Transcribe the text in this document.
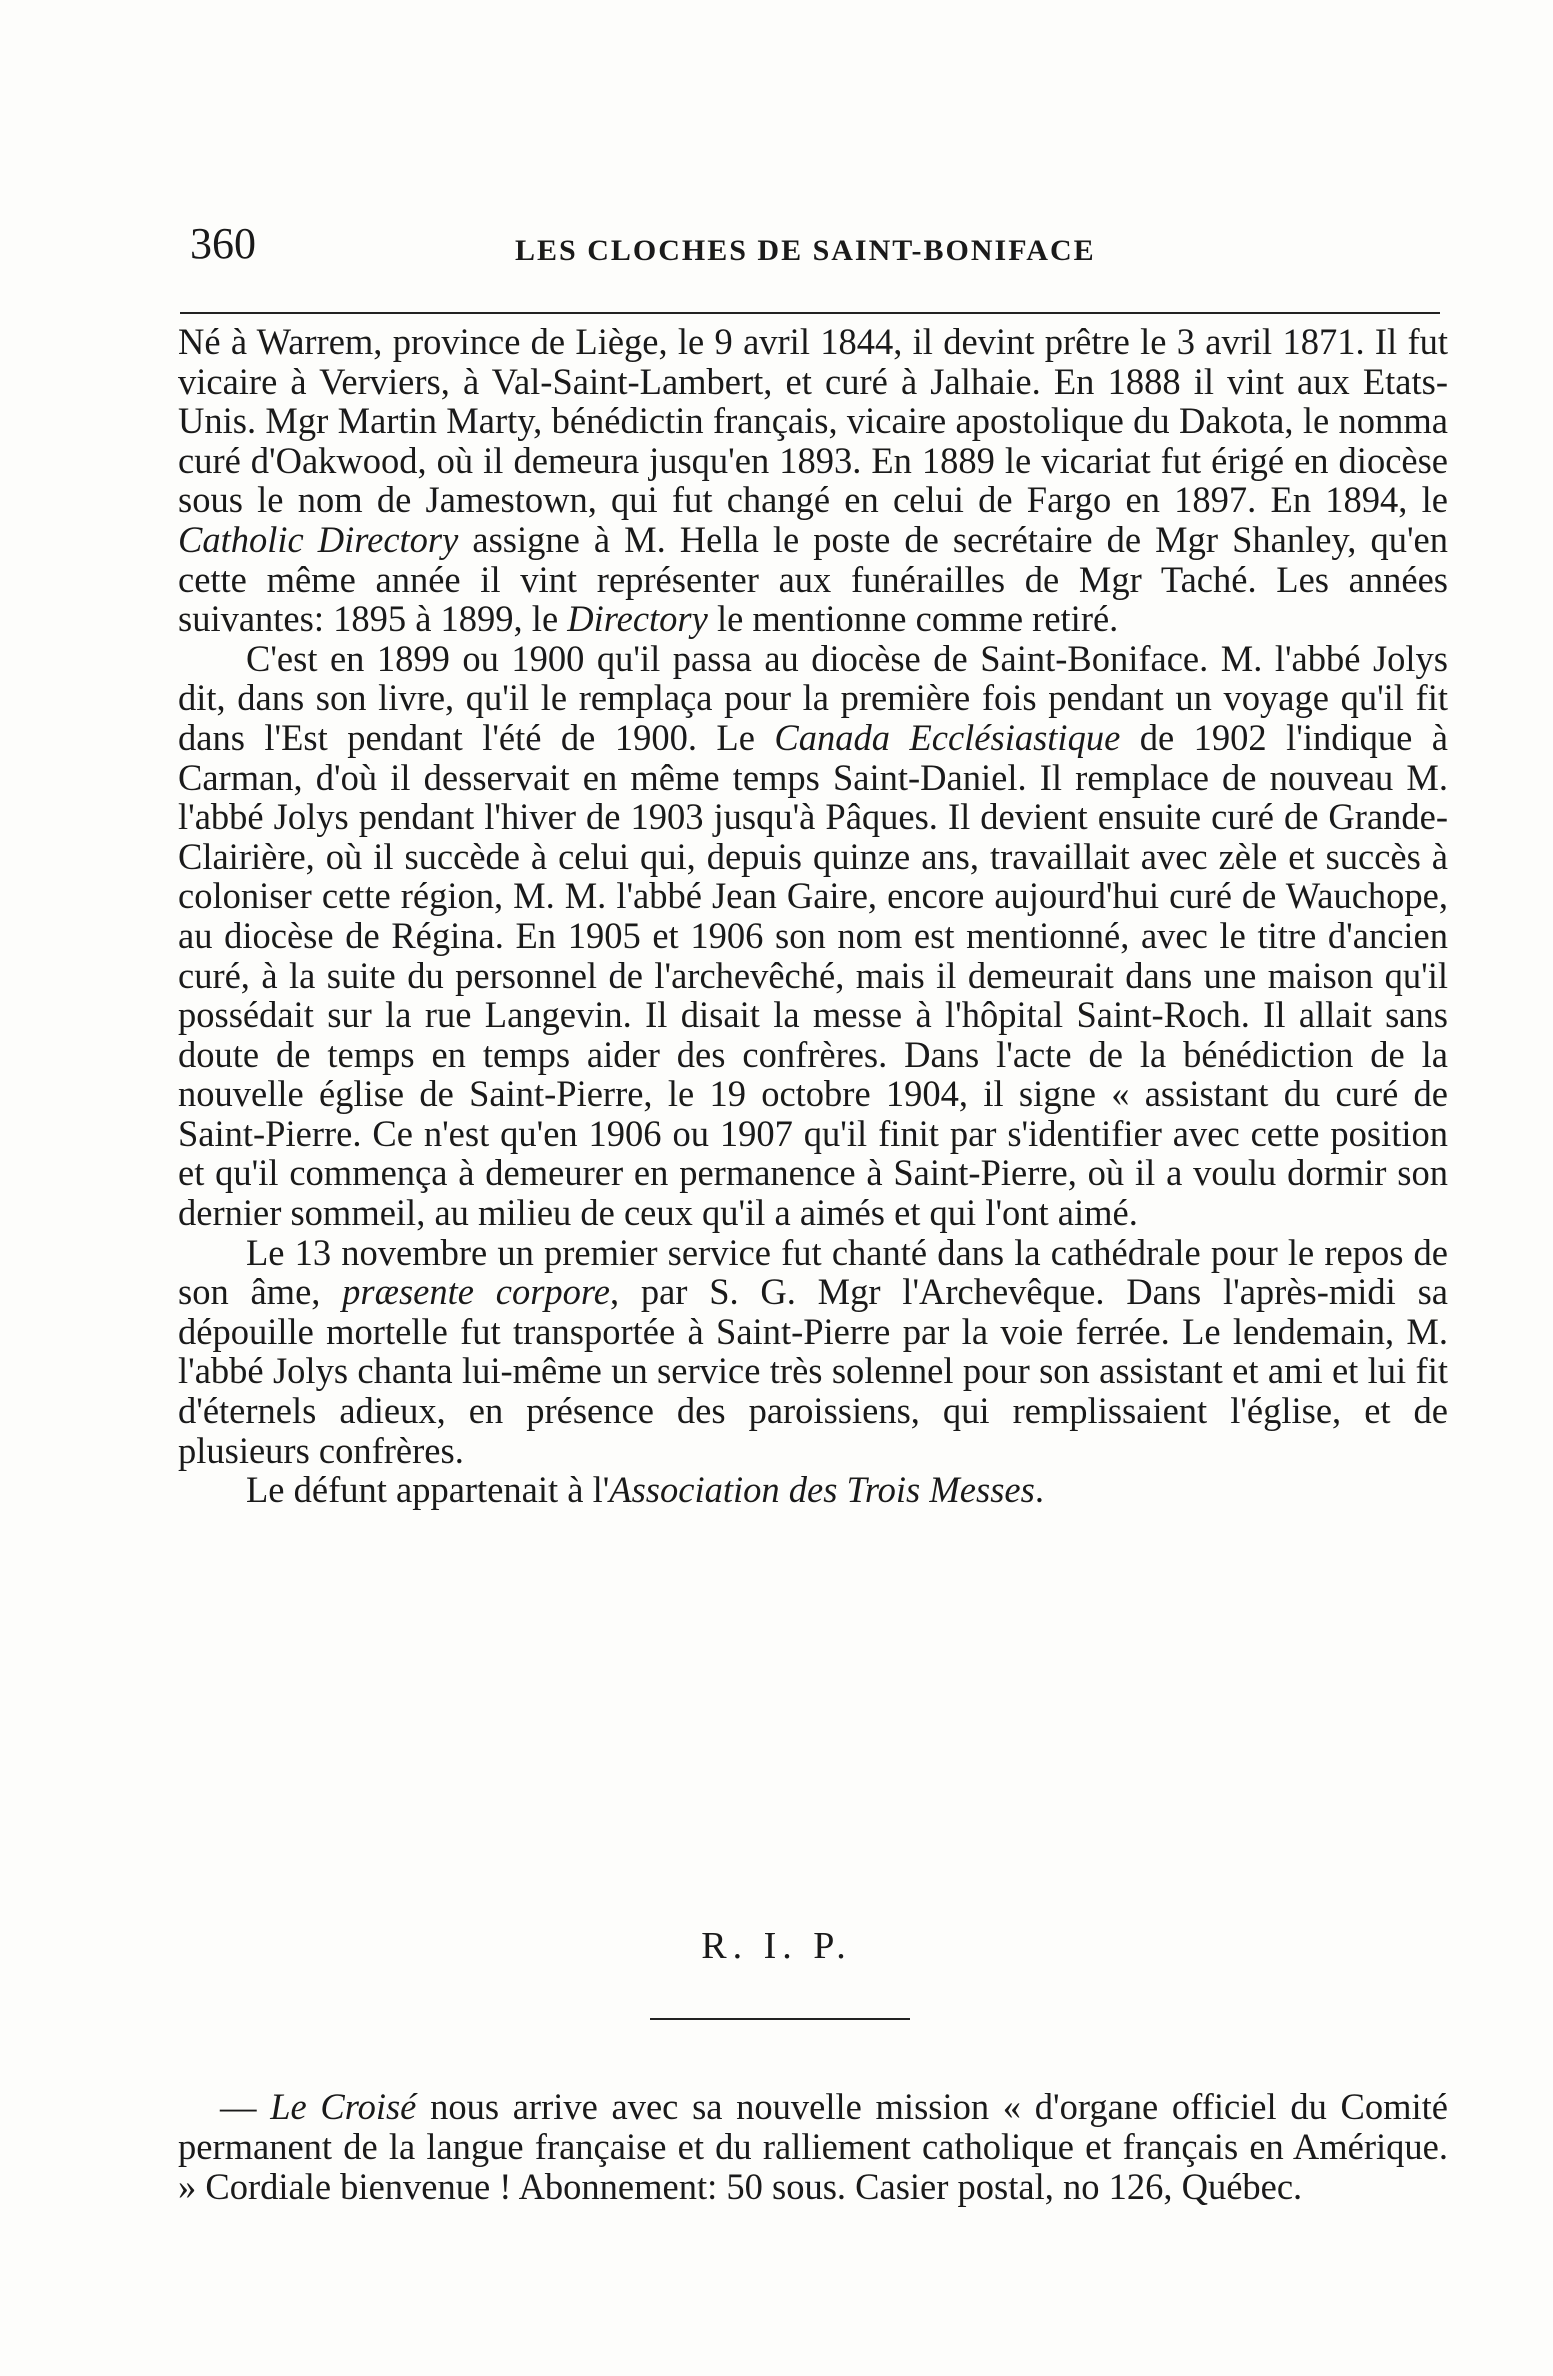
360	LES CLOCHES DE SAINT-BONIFACE

Né à Warrem, province de Liège, le 9 avril 1844, il devint prêtre le 3 avril 1871. Il fut vicaire à Verviers, à Val-Saint-Lambert, et curé à Jalhaie. En 1888 il vint aux Etats-Unis. Mgr Martin Marty, bénédictin français, vicaire apostolique du Dakota, le nomma curé d'Oakwood, où il demeura jusqu'en 1893. En 1889 le vicariat fut érigé en diocèse sous le nom de Jamestown, qui fut changé en celui de Fargo en 1897. En 1894, le Catholic Directory assigne à M. Hella le poste de secrétaire de Mgr Shanley, qu'en cette même année il vint représenter aux funérailles de Mgr Taché. Les années suivantes: 1895 à 1899, le Directory le mentionne comme retiré.

C'est en 1899 ou 1900 qu'il passa au diocèse de Saint-Boniface. M. l'abbé Jolys dit, dans son livre, qu'il le remplaça pour la première fois pendant un voyage qu'il fit dans l'Est pendant l'été de 1900. Le Canada Ecclésiastique de 1902 l'indique à Carman, d'où il desservait en même temps Saint-Daniel. Il remplace de nouveau M. l'abbé Jolys pendant l'hiver de 1903 jusqu'à Pâques. Il devient ensuite curé de Grande-Clairière, où il succède à celui qui, depuis quinze ans, travaillait avec zèle et succès à coloniser cette région, M. M. l'abbé Jean Gaire, encore aujourd'hui curé de Wauchope, au diocèse de Régina. En 1905 et 1906 son nom est mentionné, avec le titre d'ancien curé, à la suite du personnel de l'archevêché, mais il demeurait dans une maison qu'il possédait sur la rue Langevin. Il disait la messe à l'hôpital Saint-Roch. Il allait sans doute de temps en temps aider des confrères. Dans l'acte de la bénédiction de la nouvelle église de Saint-Pierre, le 19 octobre 1904, il signe « assistant du curé de Saint-Pierre. Ce n'est qu'en 1906 ou 1907 qu'il finit par s'identifier avec cette position et qu'il commença à demeurer en permanence à Saint-Pierre, où il a voulu dormir son dernier sommeil, au milieu de ceux qu'il a aimés et qui l'ont aimé.

Le 13 novembre un premier service fut chanté dans la cathédrale pour le repos de son âme, præsente corpore, par S. G. Mgr l'Archevêque. Dans l'après-midi sa dépouille mortelle fut transportée à Saint-Pierre par la voie ferrée. Le lendemain, M. l'abbé Jolys chanta lui-même un service très solennel pour son assistant et ami et lui fit d'éternels adieux, en présence des paroissiens, qui remplissaient l'église, et de plusieurs confrères.

Le défunt appartenait à l'Association des Trois Messes.

R. I. P.

— Le Croisé nous arrive avec sa nouvelle mission « d'organe officiel du Comité permanent de la langue française et du ralliement catholique et français en Amérique. » Cordiale bienvenue ! Abonnement: 50 sous. Casier postal, no 126, Québec.
